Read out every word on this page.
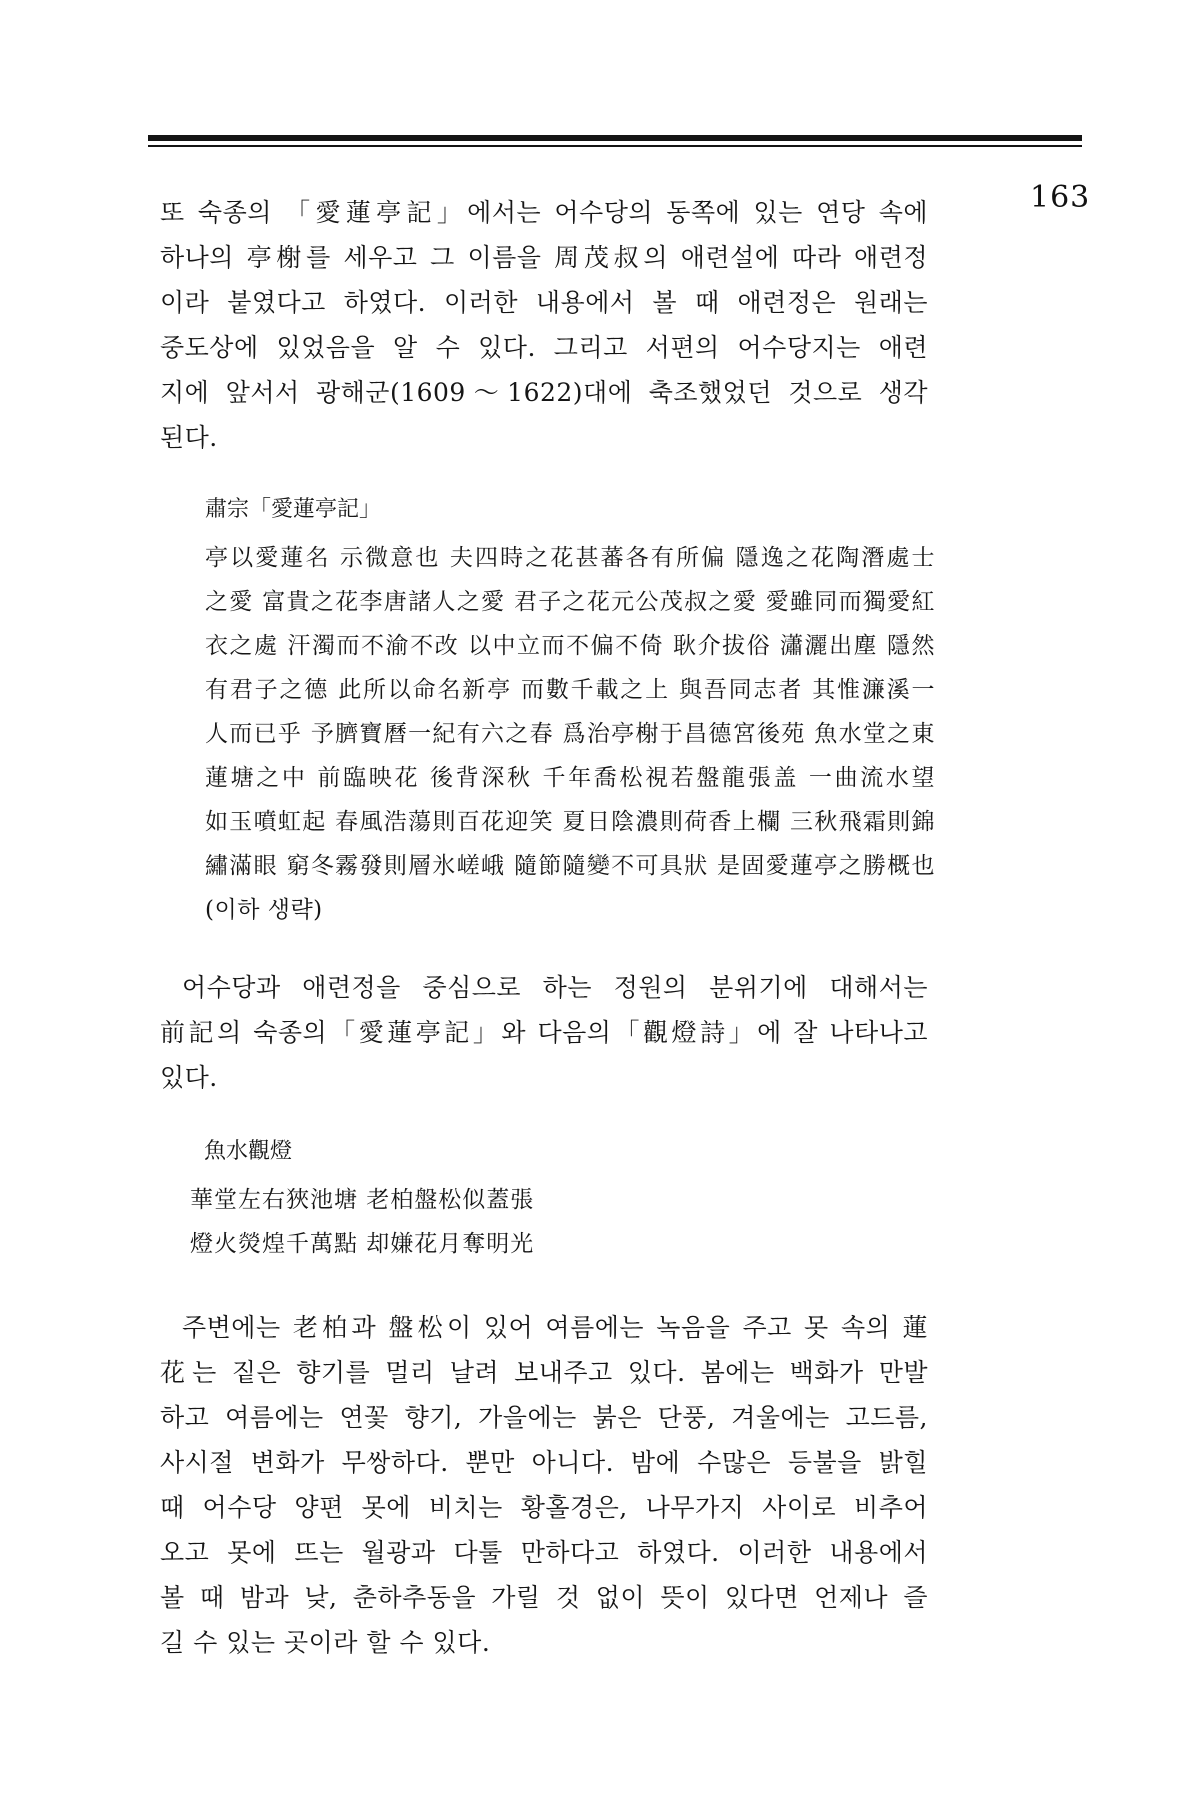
163
또 숙종의 「愛蓮亭記」에서는 어수당의 동쪽에 있는 연당 속에
하나의 亭榭를 세우고 그 이름을 周茂叔의 애련설에 따라 애련정
이라 붙였다고 하였다. 이러한 내용에서 볼 때 애련정은 원래는
중도상에 있었음을 알 수 있다. 그리고 서편의 어수당지는 애련
지에 앞서서 광해군(1609～1622)대에 축조했었던 것으로 생각
된다.
肅宗「愛蓮亭記」
亭以愛蓮名 示微意也 夫四時之花甚蕃各有所偏 隱逸之花陶潛處士
之愛 富貴之花李唐諸人之愛 君子之花元公茂叔之愛 愛雖同而獨愛紅
衣之處 汗濁而不渝不改 以中立而不偏不倚 耿介拔俗 瀟灑出塵 隱然
有君子之德 此所以命名新亭 而數千載之上 與吾同志者 其惟濂溪一
人而已乎 予臍寶曆一紀有六之春 爲治亭榭于昌德宮後苑 魚水堂之東
蓮塘之中 前臨映花 後背深秋 千年喬松視若盤龍張盖 一曲流水望
如玉噴虹起 春風浩蕩則百花迎笑 夏日陰濃則荷香上欄 三秋飛霜則錦
繡滿眼 窮冬霧發則層氷嵯峨 隨節隨變不可具狀 是固愛蓮亭之勝概也
(이하 생략)
어수당과 애련정을 중심으로 하는 정원의 분위기에 대해서는
前記의 숙종의「愛蓮亭記」와 다음의「觀燈詩」에 잘 나타나고
있다.
魚水觀燈
華堂左右狹池塘 老柏盤松似蓋張
燈火熒煌千萬點 却嫌花月奪明光
주변에는 老柏과 盤松이 있어 여름에는 녹음을 주고 못 속의 蓮
花는 짙은 향기를 멀리 날려 보내주고 있다. 봄에는 백화가 만발
하고 여름에는 연꽃 향기, 가을에는 붉은 단풍, 겨울에는 고드름,
사시절 변화가 무쌍하다. 뿐만 아니다. 밤에 수많은 등불을 밝힐
때 어수당 양편 못에 비치는 황홀경은, 나무가지 사이로 비추어
오고 못에 뜨는 월광과 다툴 만하다고 하였다. 이러한 내용에서
볼 때 밤과 낮, 춘하추동을 가릴 것 없이 뜻이 있다면 언제나 즐
길 수 있는 곳이라 할 수 있다.
